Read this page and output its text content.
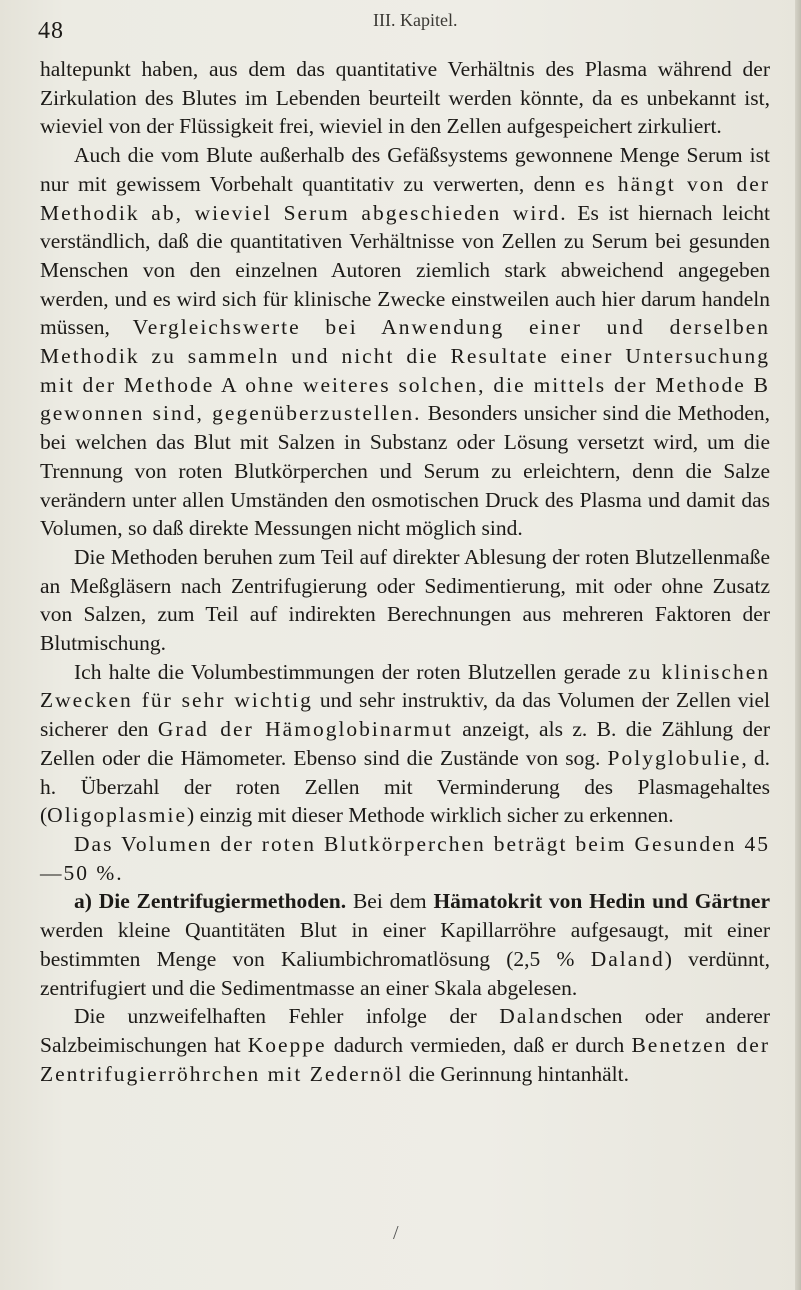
48	III. Kapitel.

haltepunkt haben, aus dem das quantitative Verhältnis des Plasma während der Zirkulation des Blutes im Lebenden beurteilt werden könnte, da es unbekannt ist, wieviel von der Flüssigkeit frei, wieviel in den Zellen aufgespeichert zirkuliert.

Auch die vom Blute außerhalb des Gefäßsystems gewonnene Menge Serum ist nur mit gewissem Vorbehalt quantitativ zu verwerten, denn es hängt von der Methodik ab, wieviel Serum abgeschieden wird. Es ist hiernach leicht verständlich, daß die quantitativen Verhältnisse von Zellen zu Serum bei gesunden Menschen von den einzelnen Autoren ziemlich stark abweichend angegeben werden, und es wird sich für klinische Zwecke einstweilen auch hier darum handeln müssen, Vergleichswerte bei Anwendung einer und derselben Methodik zu sammeln und nicht die Resultate einer Untersuchung mit der Methode A ohne weiteres solchen, die mittels der Methode B gewonnen sind, gegenüberzustellen. Besonders unsicher sind die Methoden, bei welchen das Blut mit Salzen in Substanz oder Lösung versetzt wird, um die Trennung von roten Blutkörperchen und Serum zu erleichtern, denn die Salze verändern unter allen Umständen den osmotischen Druck des Plasma und damit das Volumen, so daß direkte Messungen nicht möglich sind.

Die Methoden beruhen zum Teil auf direkter Ablesung der roten Blutzellenmaße an Meßgläsern nach Zentrifugierung oder Sedimentierung, mit oder ohne Zusatz von Salzen, zum Teil auf indirekten Berechnungen aus mehreren Faktoren der Blutmischung.

Ich halte die Volumbestimmungen der roten Blutzellen gerade zu klinischen Zwecken für sehr wichtig und sehr instruktiv, da das Volumen der Zellen viel sicherer den Grad der Hämoglobinarmut anzeigt, als z. B. die Zählung der Zellen oder die Hämometer. Ebenso sind die Zustände von sog. Polyglobulie, d. h. Überzahl der roten Zellen mit Verminderung des Plasmagehaltes (Oligoplasmie) einzig mit dieser Methode wirklich sicher zu erkennen.

Das Volumen der roten Blutkörperchen beträgt beim Gesunden 45—50 %.

a) Die Zentrifugiermethoden. Bei dem Hämatokrit von Hedin und Gärtner werden kleine Quantitäten Blut in einer Kapillarröhre aufgesaugt, mit einer bestimmten Menge von Kaliumbichromatlösung (2,5 % Daland) verdünnt, zentrifugiert und die Sedimentmasse an einer Skala abgelesen.

Die unzweifelhaften Fehler infolge der Dalandschen oder anderer Salzbeimischungen hat Koeppe dadurch vermieden, daß er durch Benetzen der Zentrifugierröhrchen mit Zedernöl die Gerinnung hintanhält.

/
